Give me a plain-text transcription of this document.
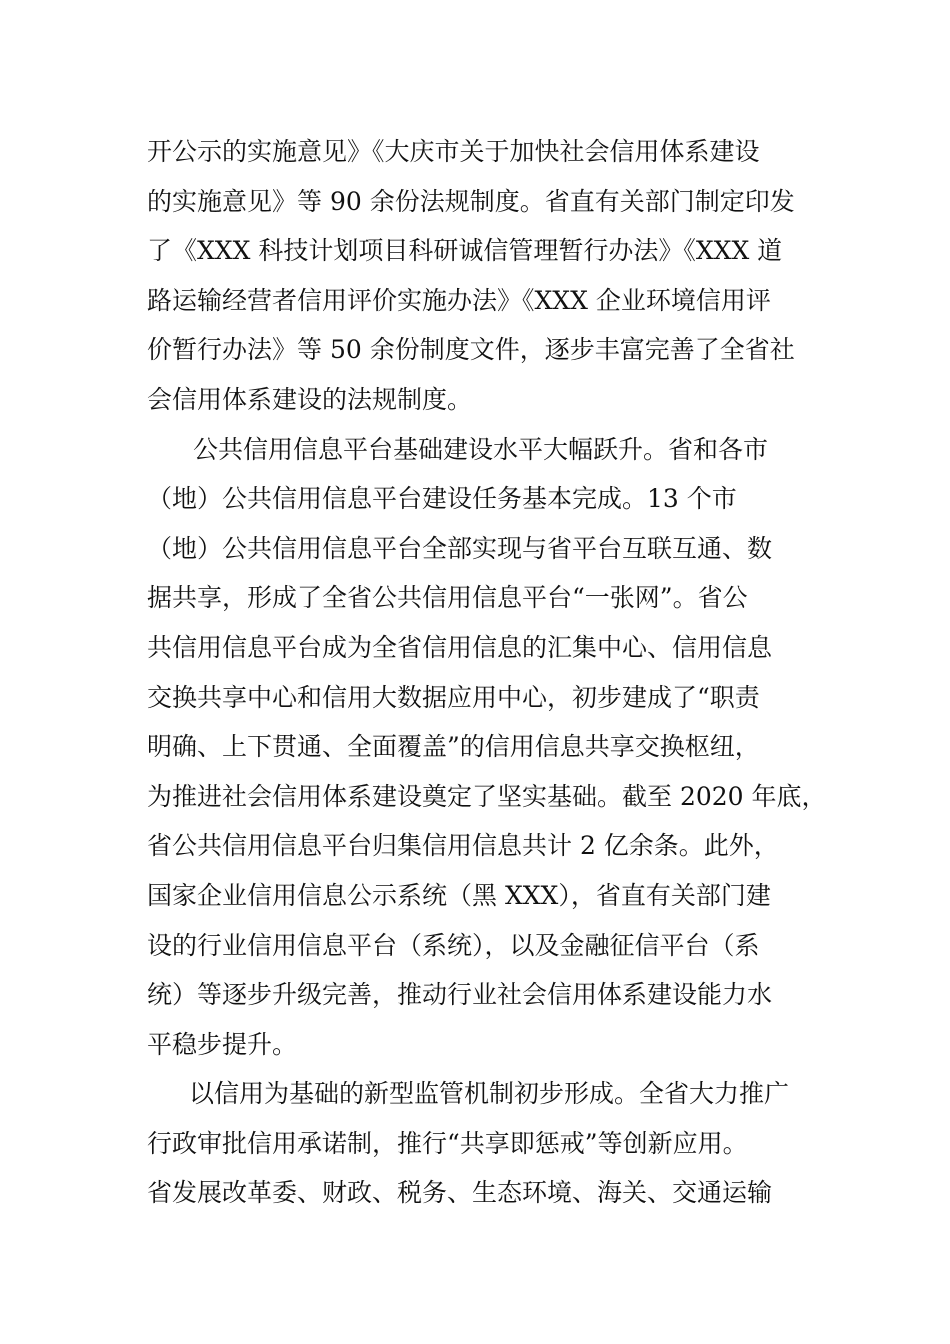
开公示的实施意见》《大庆市关于加快社会信用体系建设
的实施意见》等 90 余份法规制度。省直有关部门制定印发
了《XXX 科技计划项目科研诚信管理暂行办法》《XXX 道
路运输经营者信用评价实施办法》《XXX 企业环境信用评
价暂行办法》等 50 余份制度文件，逐步丰富完善了全省社
会信用体系建设的法规制度。
公共信用信息平台基础建设水平大幅跃升。省和各市
（地）公共信用信息平台建设任务基本完成。13 个市
（地）公共信用信息平台全部实现与省平台互联互通、数
据共享，形成了全省公共信用信息平台“一张网”。省公
共信用信息平台成为全省信用信息的汇集中心、信用信息
交换共享中心和信用大数据应用中心，初步建成了“职责
明确、上下贯通、全面覆盖”的信用信息共享交换枢纽，
为推进社会信用体系建设奠定了坚实基础。截至 2020 年底，
省公共信用信息平台归集信用信息共计 2 亿余条。此外，
国家企业信用信息公示系统（黑 XXX），省直有关部门建
设的行业信用信息平台（系统），以及金融征信平台（系
统）等逐步升级完善，推动行业社会信用体系建设能力水
平稳步提升。
以信用为基础的新型监管机制初步形成。全省大力推广
行政审批信用承诺制，推行“共享即惩戒”等创新应用。
省发展改革委、财政、税务、生态环境、海关、交通运输
